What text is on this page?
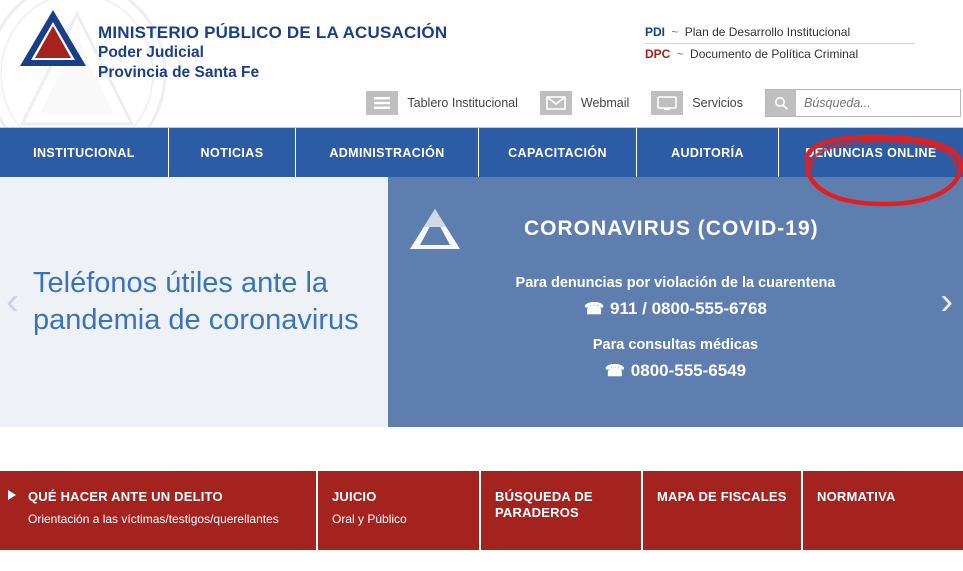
MINISTERIO PÚBLICO DE LA ACUSACIÓN
Poder Judicial
Provincia de Santa Fe
PDI ~ Plan de Desarrollo Institucional
DPC ~ Documento de Política Criminal
Tablero Institucional	Webmail	Servicios
Búsqueda...
INSTITUCIONAL	NOTICIAS	ADMINISTRACIÓN	CAPACITACIÓN	AUDITORÍA	DENUNCIAS ONLINE
‹ Teléfonos útiles ante la pandemia de coronavirus
CORONAVIRUS (COVID-19)
Para denuncias por violación de la cuarentena
☎ 911 / 0800-555-6768
Para consultas médicas
☎ 0800-555-6549
›
QUÉ HACER ANTE UN DELITO
Orientación a las víctimas/testigos/querellantes
JUICIO
Oral y Público
BÚSQUEDA DE PARADEROS
MAPA DE FISCALES NORMATIVA
